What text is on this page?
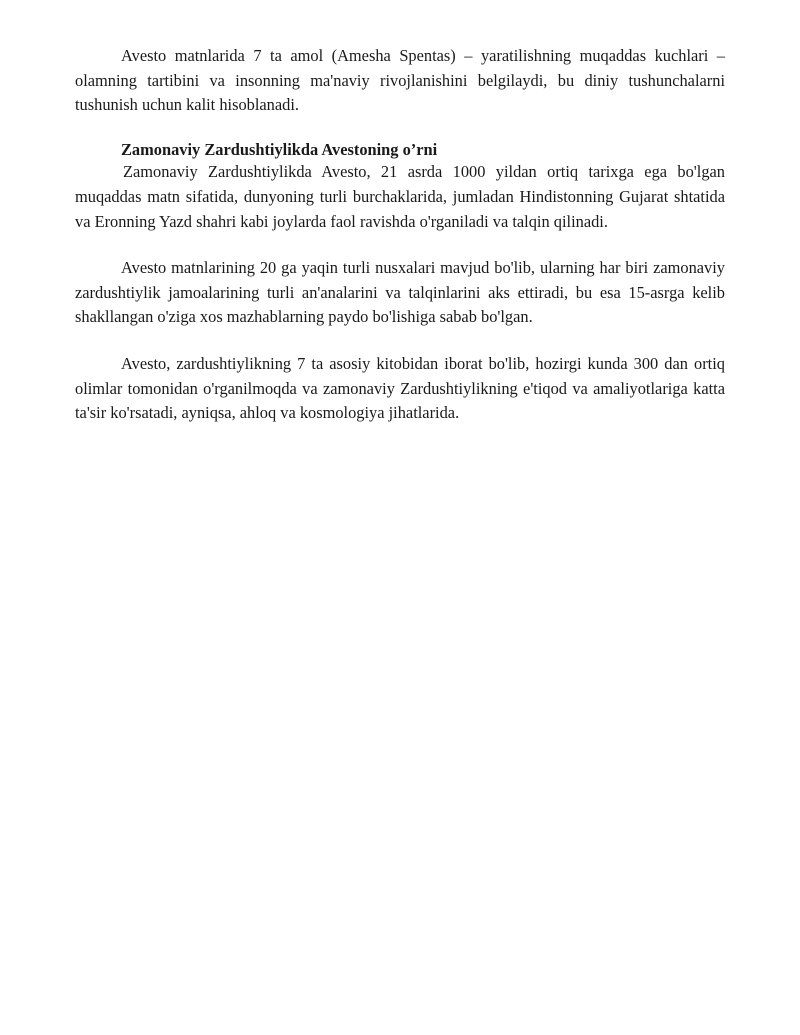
Avesto matnlarida 7 ta amol (Amesha Spentas) – yaratilishning muqaddas kuchlari – olamning tartibini va insonning ma'naviy rivojlanishini belgilaydi, bu diniy tushunchalarni tushunish uchun kalit hisoblanadi.

Zamonaviy Zardushtiylikda Avestoning o’rni

Zamonaviy Zardushtiylikda Avesto, 21 asrda 1000 yildan ortiq tarixga ega bo'lgan muqaddas matn sifatida, dunyoning turli burchaklarida, jumladan Hindistonning Gujarat shtatida va Eronning Yazd shahri kabi joylarda faol ravishda o'rganiladi va talqin qilinadi.

Avesto matnlarining 20 ga yaqin turli nusxalari mavjud bo'lib, ularning har biri zamonaviy zardushtiylik jamoalarining turli an'analarini va talqinlarini aks ettiradi, bu esa 15-asrga kelib shakllangan o'ziga xos mazhablarning paydo bo'lishiga sabab bo'lgan.

Avesto, zardushtiylikning 7 ta asosiy kitobidan iborat bo'lib, hozirgi kunda 300 dan ortiq olimlar tomonidan o'rganilmoqda va zamonaviy Zardushtiylikning e'tiqod va amaliyotlariga katta ta'sir ko'rsatadi, ayniqsa, ahloq va kosmologiya jihatlarida.
